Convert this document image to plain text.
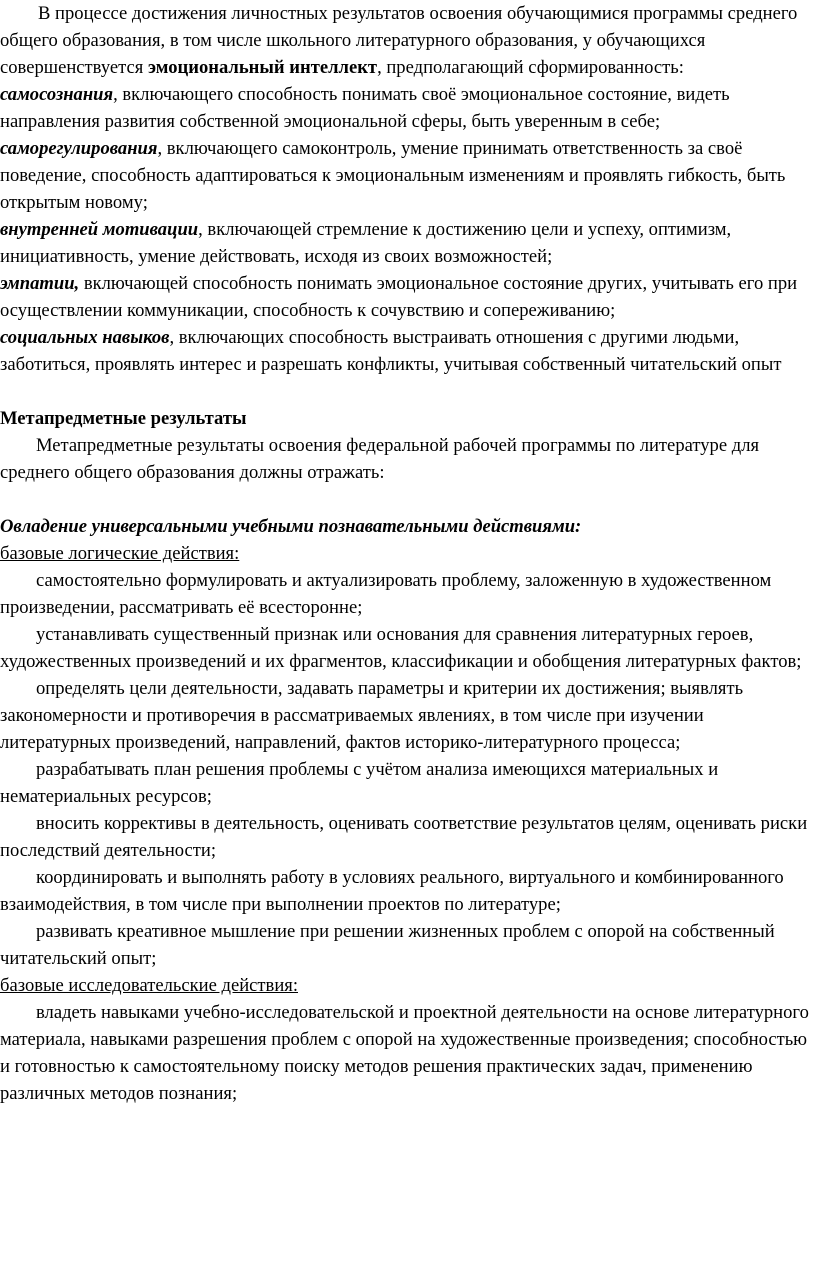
В процессе достижения личностных результатов освоения обучающимися программы среднего общего образования, в том числе школьного литературного образования, у обучающихся совершенствуется эмоциональный интеллект, предполагающий сформированность:

самосознания, включающего способность понимать своё эмоциональное состояние, видеть направления развития собственной эмоциональной сферы, быть уверенным в себе;

саморегулирования, включающего самоконтроль, умение принимать ответственность за своё поведение, способность адаптироваться к эмоциональным изменениям и проявлять гибкость, быть открытым новому;

внутренней мотивации, включающей стремление к достижению цели и успеху, оптимизм, инициативность, умение действовать, исходя из своих возможностей;

эмпатии, включающей способность понимать эмоциональное состояние других, учитывать его при осуществлении коммуникации, способность к сочувствию и сопереживанию;

социальных навыков, включающих способность выстраивать отношения с другими людьми, заботиться, проявлять интерес и разрешать конфликты, учитывая собственный читательский опыт

Метапредметные результаты

Метапредметные результаты освоения федеральной рабочей программы по литературе для среднего общего образования должны отражать:

Овладение универсальными учебными познавательными действиями:

базовые логические действия:

самостоятельно формулировать и актуализировать проблему, заложенную в художественном произведении, рассматривать её всесторонне;

устанавливать существенный признак или основания для сравнения литературных героев, художественных произведений и их фрагментов, классификации и обобщения литературных фактов;

определять цели деятельности, задавать параметры и критерии их достижения; выявлять закономерности и противоречия в рассматриваемых явлениях, в том числе при изучении литературных произведений, направлений, фактов историко-литературного процесса;

разрабатывать план решения проблемы с учётом анализа имеющихся материальных и нематериальных ресурсов;

вносить коррективы в деятельность, оценивать соответствие результатов целям, оценивать риски последствий деятельности;

координировать и выполнять работу в условиях реального, виртуального и комбинированного взаимодействия, в том числе при выполнении проектов по литературе;

развивать креативное мышление при решении жизненных проблем с опорой на собственный читательский опыт;

базовые исследовательские действия:

владеть навыками учебно-исследовательской и проектной деятельности на основе литературного материала, навыками разрешения проблем с опорой на художественные произведения; способностью и готовностью к самостоятельному поиску методов решения практических задач, применению различных методов познания;
